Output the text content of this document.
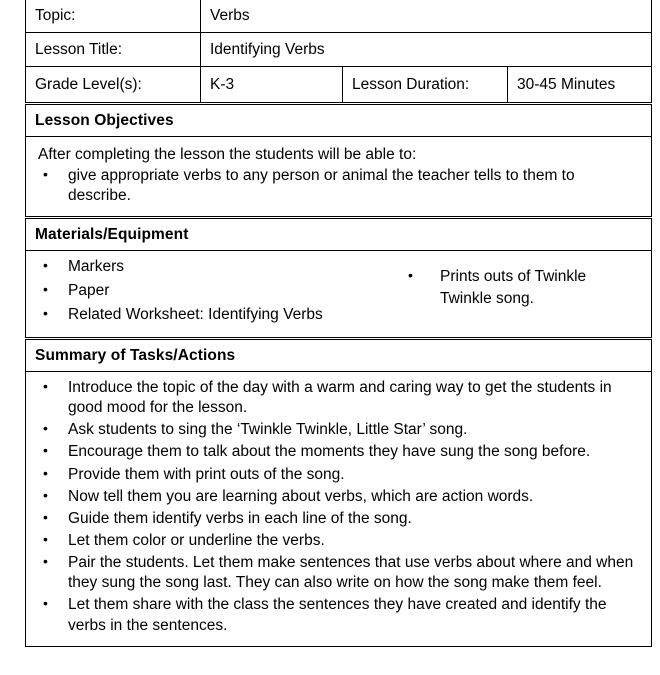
Topic:	Verbs		

Lesson Title:	Identifying Verbs		

Grade Level(s):	K-3	Lesson Duration:	30-45 Minutes

Lesson Objectives			

After completing the lesson the students will be able to:
• give appropriate verbs to any person or animal the teacher tells to them to describe.

Materials/Equipment			

• Markers
• Paper
• Related Worksheet: Identifying Verbs
• Prints outs of Twinkle Twinkle song.

Summary of Tasks/Actions			

• Introduce the topic of the day with a warm and caring way to get the students in good mood for the lesson.
• Ask students to sing the ‘Twinkle Twinkle, Little Star’ song.
• Encourage them to talk about the moments they have sung the song before.
• Provide them with print outs of the song.
• Now tell them you are learning about verbs, which are action words.
• Guide them identify verbs in each line of the song.
• Let them color or underline the verbs.
• Pair the students. Let them make sentences that use verbs about where and when they sung the song last. They can also write on how the song make them feel.
• Let them share with the class the sentences they have created and identify the verbs in the sentences.
